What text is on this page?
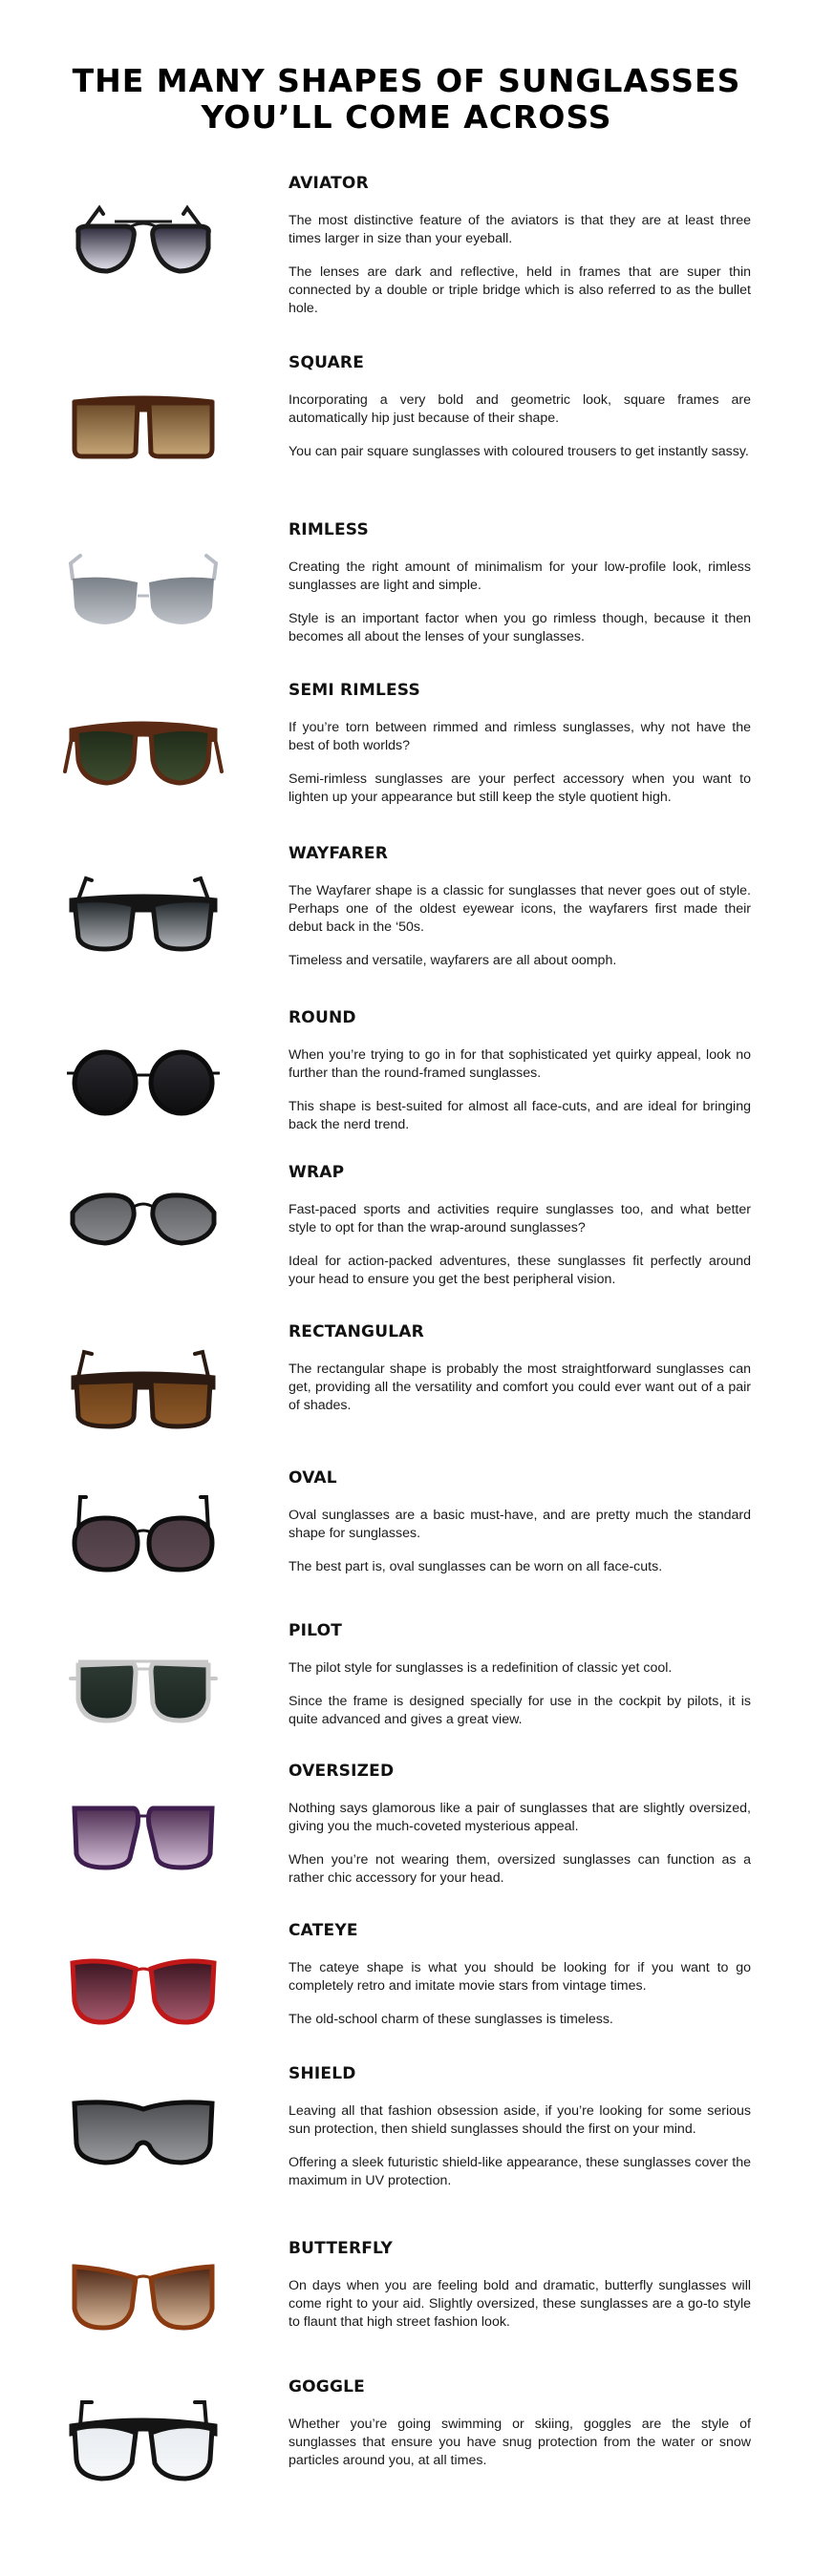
THE MANY SHAPES OF SUNGLASSES
YOU’LL COME ACROSS
AVIATOR

The most distinctive feature of the aviators is that they are at least three times larger in size than your eyeball.

The lenses are dark and reflective, held in frames that are super thin connected by a double or triple bridge which is also referred to as the bullet hole.

SQUARE

Incorporating a very bold and geometric look, square frames are automatically hip just because of their shape.

You can pair square sunglasses with coloured trousers to get instantly sassy.

RIMLESS

Creating the right amount of minimalism for your low-profile look, rimless sunglasses are light and simple.

Style is an important factor when you go rimless though, because it then becomes all about the lenses of your sunglasses.

SEMI RIMLESS

If you’re torn between rimmed and rimless sunglasses, why not have the best of both worlds?

Semi-rimless sunglasses are your perfect accessory when you want to lighten up your appearance but still keep the style quotient high.

WAYFARER

The Wayfarer shape is a classic for sunglasses that never goes out of style. Perhaps one of the oldest eyewear icons, the wayfarers first made their debut back in the ‘50s.

Timeless and versatile, wayfarers are all about oomph.

ROUND

When you’re trying to go in for that sophisticated yet quirky appeal, look no further than the round-framed sunglasses.

This shape is best-suited for almost all face-cuts, and are ideal for bringing back the nerd trend.

WRAP

Fast-paced sports and activities require sunglasses too, and what better style to opt for than the wrap-around sunglasses?

Ideal for action-packed adventures, these sunglasses fit perfectly around your head to ensure you get the best peripheral vision.

RECTANGULAR

The rectangular shape is probably the most straightforward sunglasses can get, providing all the versatility and comfort you could ever want out of a pair of shades.

OVAL

Oval sunglasses are a basic must-have, and are pretty much the standard shape for sunglasses.

The best part is, oval sunglasses can be worn on all face-cuts.

PILOT

The pilot style for sunglasses is a redefinition of classic yet cool.

Since the frame is designed specially for use in the cockpit by pilots, it is quite advanced and gives a great view.

OVERSIZED

Nothing says glamorous like a pair of sunglasses that are slightly oversized, giving you the much-coveted mysterious appeal.

When you’re not wearing them, oversized sunglasses can function as a rather chic accessory for your head.

CATEYE

The cateye shape is what you should be looking for if you want to go completely retro and imitate movie stars from vintage times.

The old-school charm of these sunglasses is timeless.

SHIELD

Leaving all that fashion obsession aside, if you’re looking for some serious sun protection, then shield sunglasses should the first on your mind.

Offering a sleek futuristic shield-like appearance, these sunglasses cover the maximum in UV protection.

BUTTERFLY

On days when you are feeling bold and dramatic, butterfly sunglasses will come right to your aid. Slightly oversized, these sunglasses are a go-to style to flaunt that high street fashion look.

GOGGLE

Whether you’re going swimming or skiing, goggles are the style of sunglasses that ensure you have snug protection from the water or snow particles around you, at all times.
